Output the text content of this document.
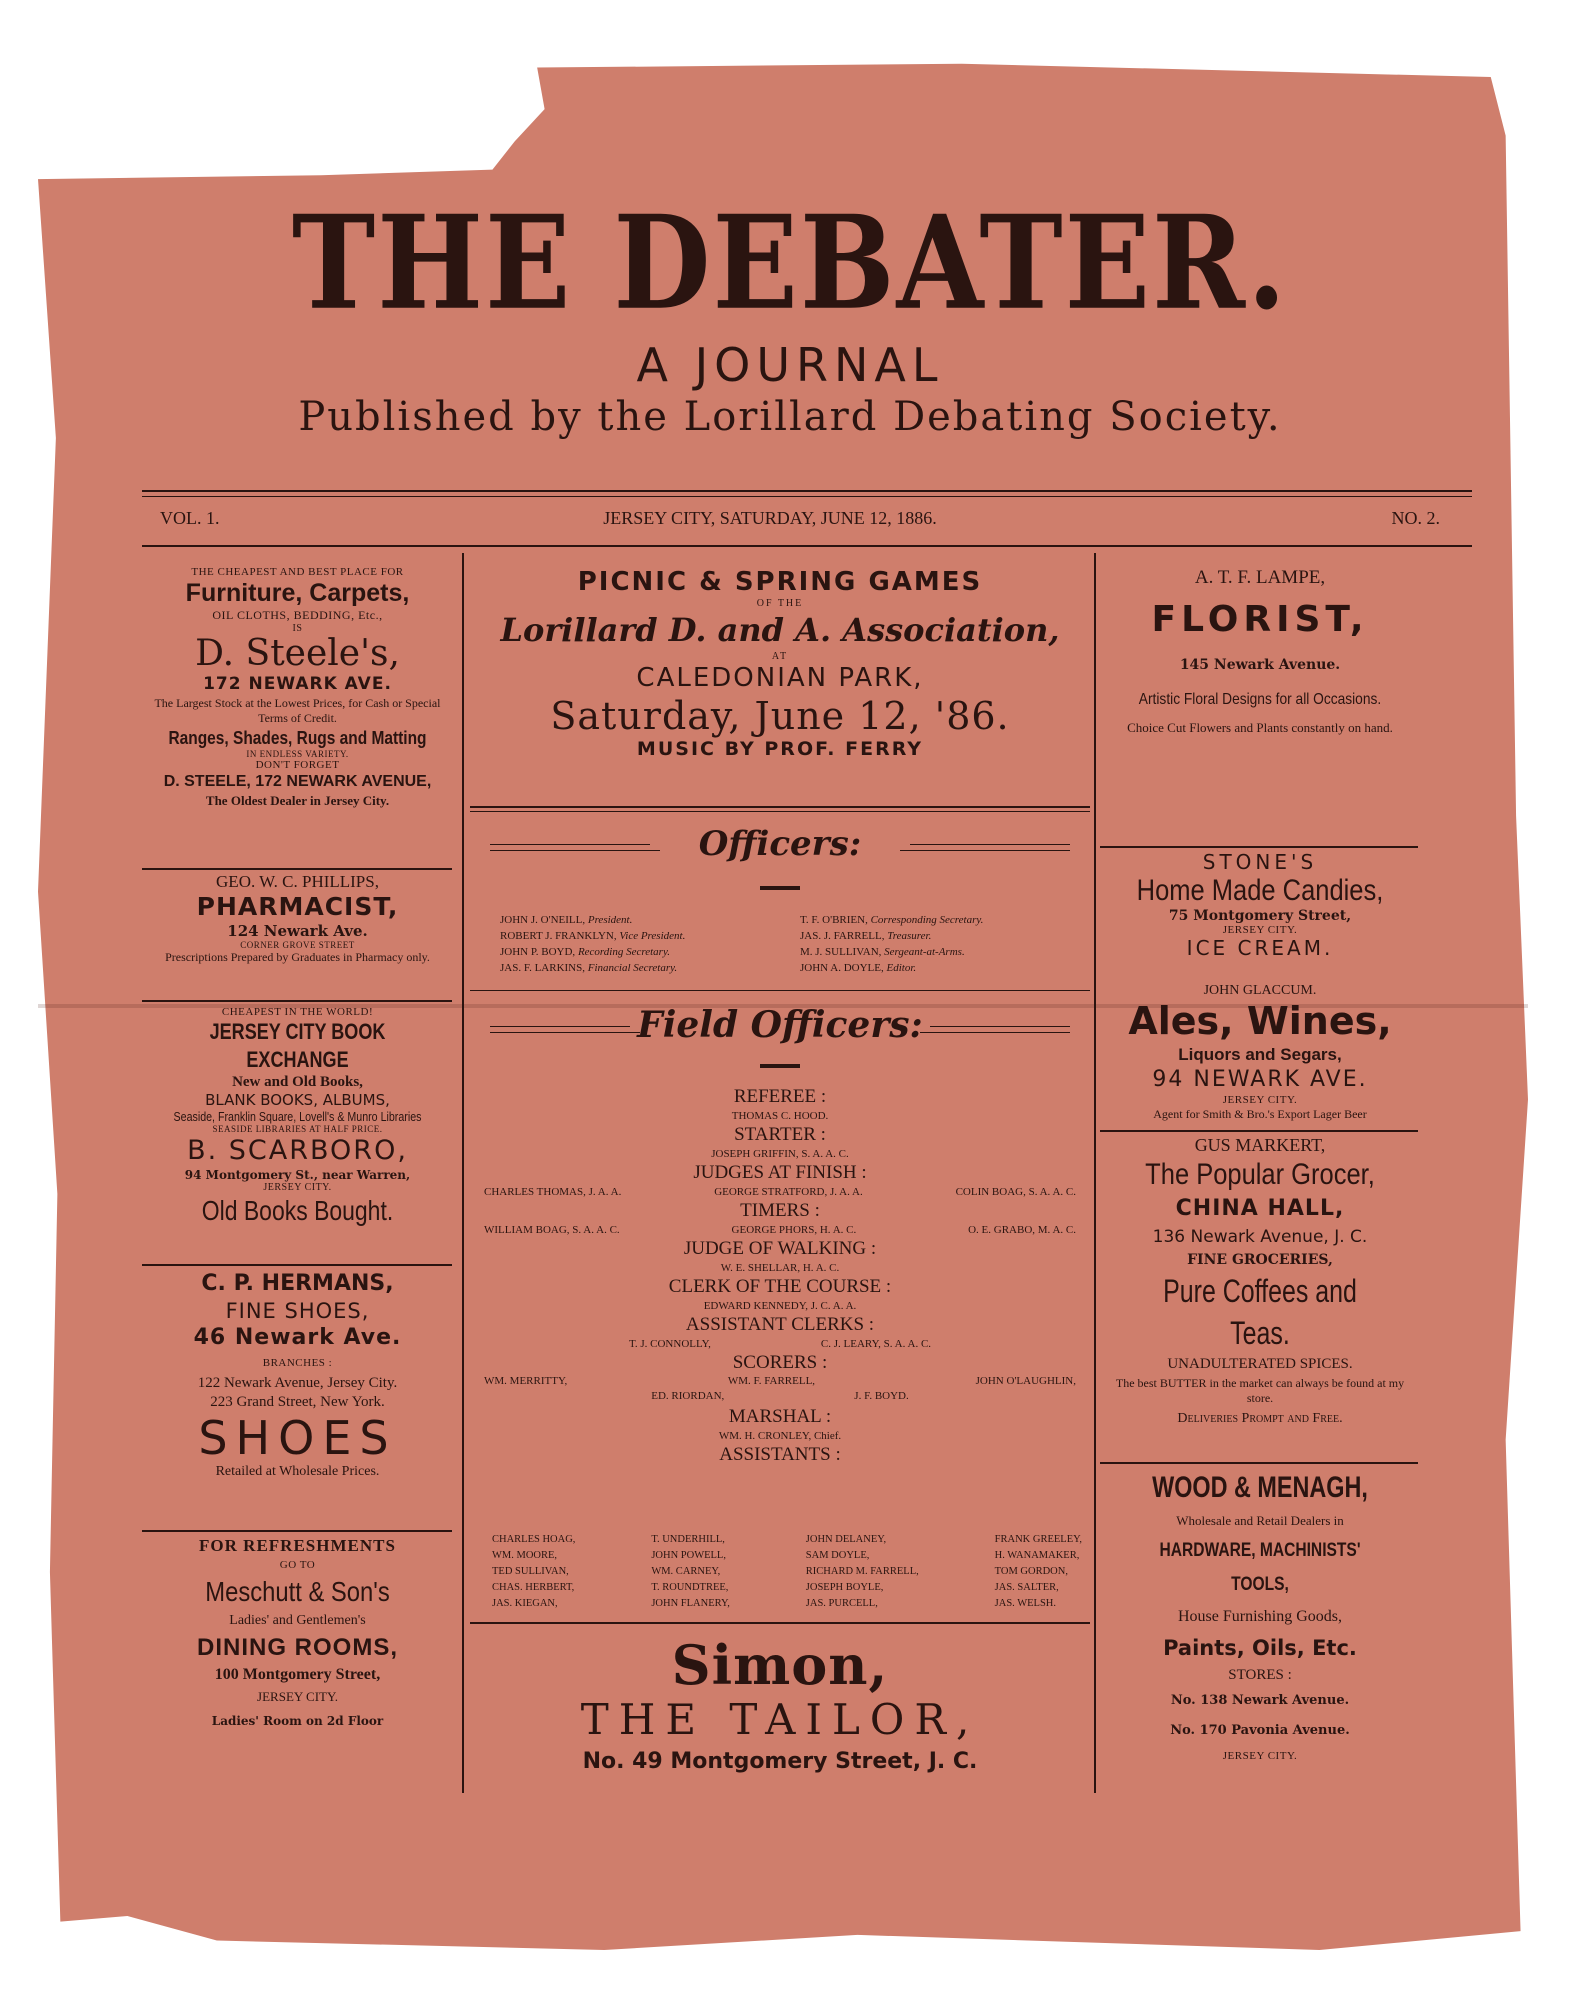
THE DEBATER.
A JOURNAL
Published by the Lorillard Debating Society.
VOL. 1.	JERSEY CITY, SATURDAY, JUNE 12, 1886.	NO. 2.
THE CHEAPEST AND BEST PLACE FOR
Furniture, Carpets,
OIL CLOTHS, BEDDING, Etc.,
IS
D. Steele's,
172 NEWARK AVE.
The Largest Stock at the Lowest Prices, for Cash or Special Terms of Credit.
Ranges, Shades, Rugs and Matting
IN ENDLESS VARIETY.
DON'T FORGET
D. STEELE, 172 NEWARK AVENUE,
The Oldest Dealer in Jersey City.
GEO. W. C. PHILLIPS,
PHARMACIST,
124 Newark Ave.
CORNER GROVE STREET
Prescriptions Prepared by Graduates in Pharmacy only.
CHEAPEST IN THE WORLD!
JERSEY CITY BOOK EXCHANGE
New and Old Books,
BLANK BOOKS, ALBUMS,
Seaside, Franklin Square, Lovell's & Munro Libraries
SEASIDE LIBRARIES AT HALF PRICE.
B. SCARBORO,
94 Montgomery St., near Warren,
JERSEY CITY.
Old Books Bought.
C. P. HERMANS,
FINE SHOES,
46 Newark Ave.
BRANCHES :
122 Newark Avenue, Jersey City.
223 Grand Street, New York.
SHOES
Retailed at Wholesale Prices.
FOR REFRESHMENTS
GO TO
Meschutt & Son's
Ladies' and Gentlemen's
DINING ROOMS,
100 Montgomery Street,
JERSEY CITY.
Ladies' Room on 2d Floor
PICNIC & SPRING GAMES
OF THE
Lorillard D. and A. Association,
AT
CALEDONIAN PARK,
Saturday, June 12, '86.
MUSIC BY PROF. FERRY
Officers:
JOHN J. O'NEILL, President.
ROBERT J. FRANKLYN, Vice President.
JOHN P. BOYD, Recording Secretary.
JAS. F. LARKINS, Financial Secretary.
T. F. O'BRIEN, Corresponding Secretary.
JAS. J. FARRELL, Treasurer.
M. J. SULLIVAN, Sergeant-at-Arms.
JOHN A. DOYLE, Editor.
Field Officers:
REFEREE :
THOMAS C. HOOD.
STARTER :
JOSEPH GRIFFIN, S. A. A. C.
JUDGES AT FINISH :
CHARLES THOMAS, J. A. A.	GEORGE STRATFORD, J. A. A.	COLIN BOAG, S. A. A. C.
TIMERS :
WILLIAM BOAG, S. A. A. C.	GEORGE PHORS, H. A. C.	O. E. GRABO, M. A. C.
JUDGE OF WALKING :
W. E. SHELLAR, H. A. C.
CLERK OF THE COURSE :
EDWARD KENNEDY, J. C. A. A.
ASSISTANT CLERKS :
T. J. CONNOLLY,	C. J. LEARY, S. A. A. C.
SCORERS :
WM. MERRITTY,	WM. F. FARRELL,	JOHN O'LAUGHLIN,
ED. RIORDAN,	J. F. BOYD.
MARSHAL :
WM. H. CRONLEY, Chief.
ASSISTANTS :
CHARLES HOAG,
WM. MOORE,
TED SULLIVAN,
CHAS. HERBERT,
JAS. KIEGAN,
T. UNDERHILL,
JOHN POWELL,
WM. CARNEY,
T. ROUNDTREE,
JOHN FLANERY,
JOHN DELANEY,
SAM DOYLE,
RICHARD M. FARRELL,
JOSEPH BOYLE,
JAS. PURCELL,
FRANK GREELEY,
H. WANAMAKER,
TOM GORDON,
JAS. SALTER,
JAS. WELSH.
Simon,
THE TAILOR,
No. 49 Montgomery Street, J. C.
A. T. F. LAMPE,
FLORIST,
145 Newark Avenue.
Artistic Floral Designs for all Occasions.
Choice Cut Flowers and Plants constantly on hand.
STONE'S
Home Made Candies,
75 Montgomery Street,
JERSEY CITY.
ICE CREAM.
JOHN GLACCUM.
Ales, Wines,
Liquors and Segars,
94 NEWARK AVE.
JERSEY CITY.
Agent for Smith & Bro.'s Export Lager Beer
GUS MARKERT,
The Popular Grocer,
CHINA HALL,
136 Newark Avenue, J. C.
FINE GROCERIES,
Pure Coffees and Teas.
UNADULTERATED SPICES.
The best BUTTER in the market can always be found at my store.
Deliveries Prompt and Free.
WOOD & MENAGH,
Wholesale and Retail Dealers in
HARDWARE, MACHINISTS' TOOLS,
House Furnishing Goods,
Paints, Oils, Etc.
STORES :
No. 138 Newark Avenue.
No. 170 Pavonia Avenue.
JERSEY CITY.
